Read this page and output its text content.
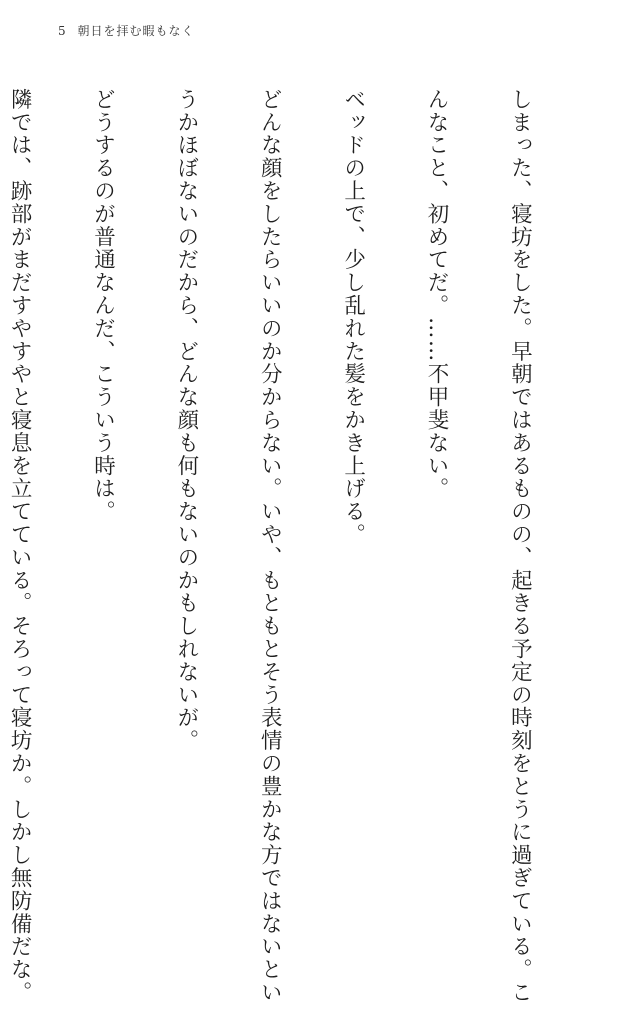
5 朝日を拝む暇もなく

しまった、寝坊をした。早朝ではあるものの、起きる予定の時刻をとうに過ぎている。こ

んなこと、初めてだ。……不甲斐ない。

ベッドの上で、少し乱れた髪をかき上げる。

どんな顔をしたらいいのか分からない。いや、もともとそう表情の豊かな方ではないとい

うかほぼないのだから、どんな顔も何もないのかもしれないが。

どうするのが普通なんだ、こういう時は。

隣では、跡部がまだすやすやと寝息を立てている。そろって寝坊か。しかし無防備だな。
